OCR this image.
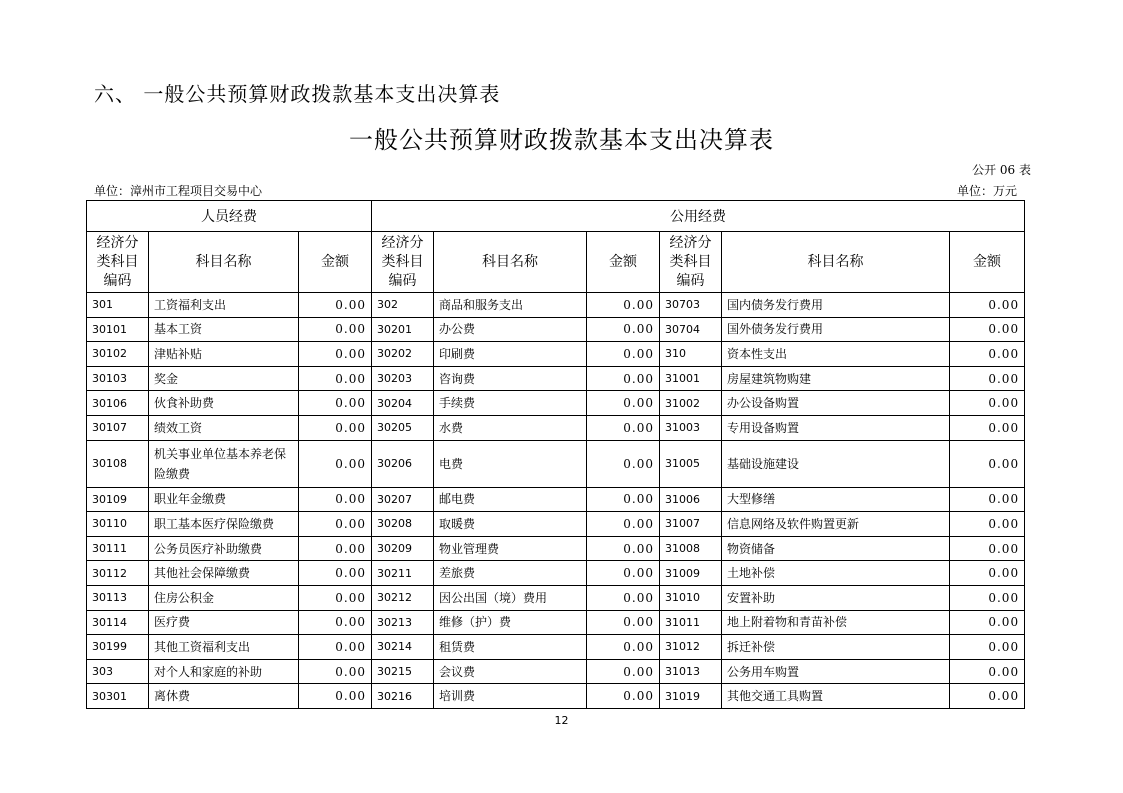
六、 一般公共预算财政拨款基本支出决算表
一般公共预算财政拨款基本支出决算表
公开 06 表
单位：漳州市工程项目交易中心	单位：万元
人员经费			公用经费					
经济分类科目编码	科目名称	金额	经济分类科目编码	科目名称	金额	经济分类科目编码	科目名称	金额
301	工资福利支出	0.00	302	商品和服务支出	0.00	30703	国内债务发行费用	0.00
30101	基本工资	0.00	30201	办公费	0.00	30704	国外债务发行费用	0.00
30102	津贴补贴	0.00	30202	印刷费	0.00	310	资本性支出	0.00
30103	奖金	0.00	30203	咨询费	0.00	31001	房屋建筑物购建	0.00
30106	伙食补助费	0.00	30204	手续费	0.00	31002	办公设备购置	0.00
30107	绩效工资	0.00	30205	水费	0.00	31003	专用设备购置	0.00
30108	机关事业单位基本养老保险缴费	0.00	30206	电费	0.00	31005	基础设施建设	0.00
30109	职业年金缴费	0.00	30207	邮电费	0.00	31006	大型修缮	0.00
30110	职工基本医疗保险缴费	0.00	30208	取暖费	0.00	31007	信息网络及软件购置更新	0.00
30111	公务员医疗补助缴费	0.00	30209	物业管理费	0.00	31008	物资储备	0.00
30112	其他社会保障缴费	0.00	30211	差旅费	0.00	31009	土地补偿	0.00
30113	住房公积金	0.00	30212	因公出国（境）费用	0.00	31010	安置补助	0.00
30114	医疗费	0.00	30213	维修（护）费	0.00	31011	地上附着物和青苗补偿	0.00
30199	其他工资福利支出	0.00	30214	租赁费	0.00	31012	拆迁补偿	0.00
303	对个人和家庭的补助	0.00	30215	会议费	0.00	31013	公务用车购置	0.00
30301	离休费	0.00	30216	培训费	0.00	31019	其他交通工具购置	0.00
12
